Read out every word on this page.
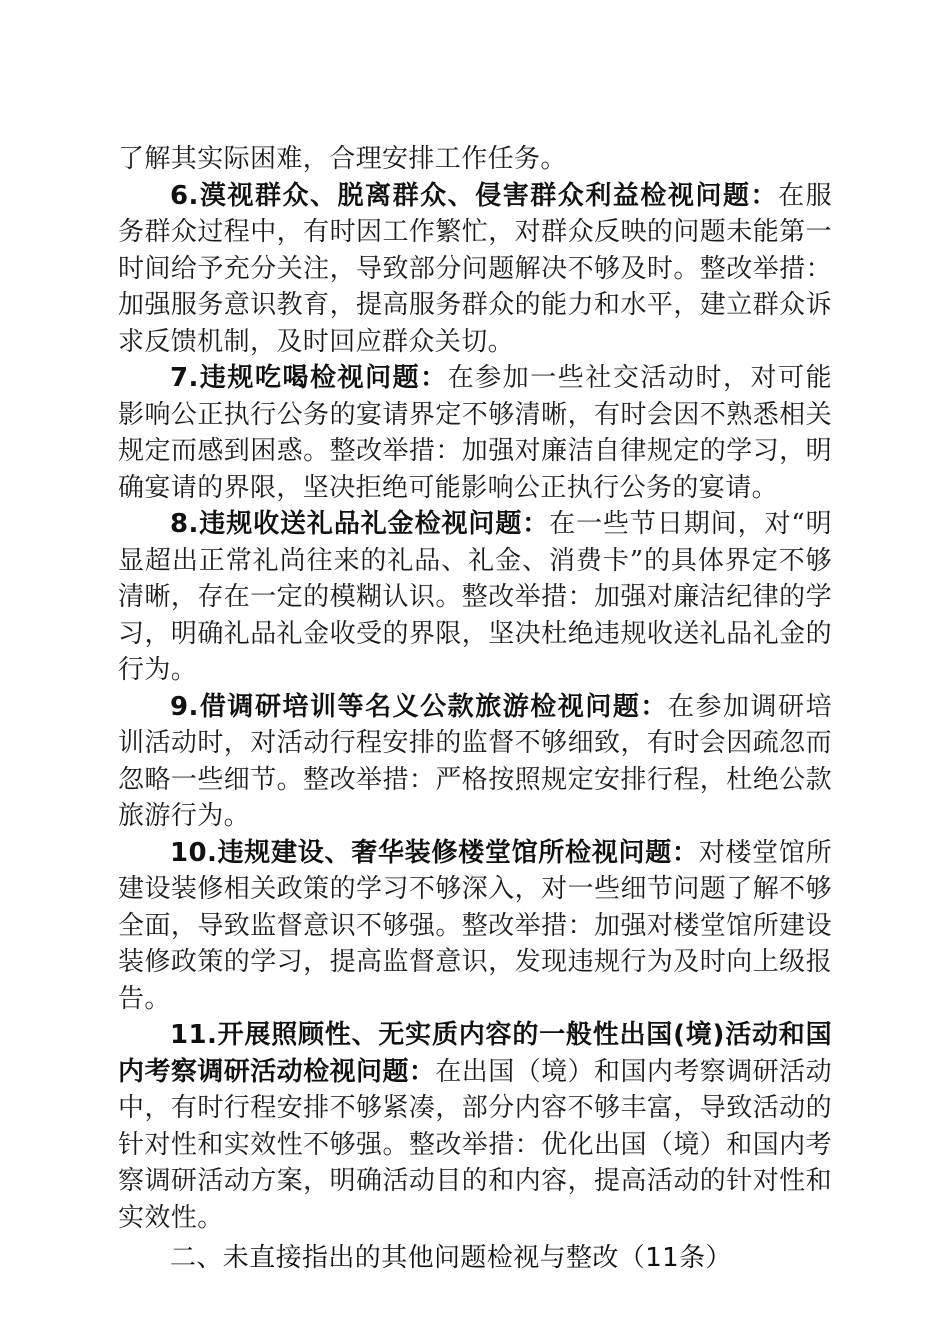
了解其实际困难，合理安排工作任务。

6.漠视群众、脱离群众、侵害群众利益检视问题：在服务群众过程中，有时因工作繁忙，对群众反映的问题未能第一时间给予充分关注，导致部分问题解决不够及时。整改举措：加强服务意识教育，提高服务群众的能力和水平，建立群众诉求反馈机制，及时回应群众关切。

7.违规吃喝检视问题：在参加一些社交活动时，对可能影响公正执行公务的宴请界定不够清晰，有时会因不熟悉相关规定而感到困惑。整改举措：加强对廉洁自律规定的学习，明确宴请的界限，坚决拒绝可能影响公正执行公务的宴请。

8.违规收送礼品礼金检视问题：在一些节日期间，对“明显超出正常礼尚往来的礼品、礼金、消费卡”的具体界定不够清晰，存在一定的模糊认识。整改举措：加强对廉洁纪律的学习，明确礼品礼金收受的界限，坚决杜绝违规收送礼品礼金的行为。

9.借调研培训等名义公款旅游检视问题：在参加调研培训活动时，对活动行程安排的监督不够细致，有时会因疏忽而忽略一些细节。整改举措：严格按照规定安排行程，杜绝公款旅游行为。

10.违规建设、奢华装修楼堂馆所检视问题：对楼堂馆所建设装修相关政策的学习不够深入，对一些细节问题了解不够全面，导致监督意识不够强。整改举措：加强对楼堂馆所建设装修政策的学习，提高监督意识，发现违规行为及时向上级报告。

11.开展照顾性、无实质内容的一般性出国(境)活动和国内考察调研活动检视问题：在出国（境）和国内考察调研活动中，有时行程安排不够紧凑，部分内容不够丰富，导致活动的针对性和实效性不够强。整改举措：优化出国（境）和国内考察调研活动方案，明确活动目的和内容，提高活动的针对性和实效性。

二、未直接指出的其他问题检视与整改（11条）
